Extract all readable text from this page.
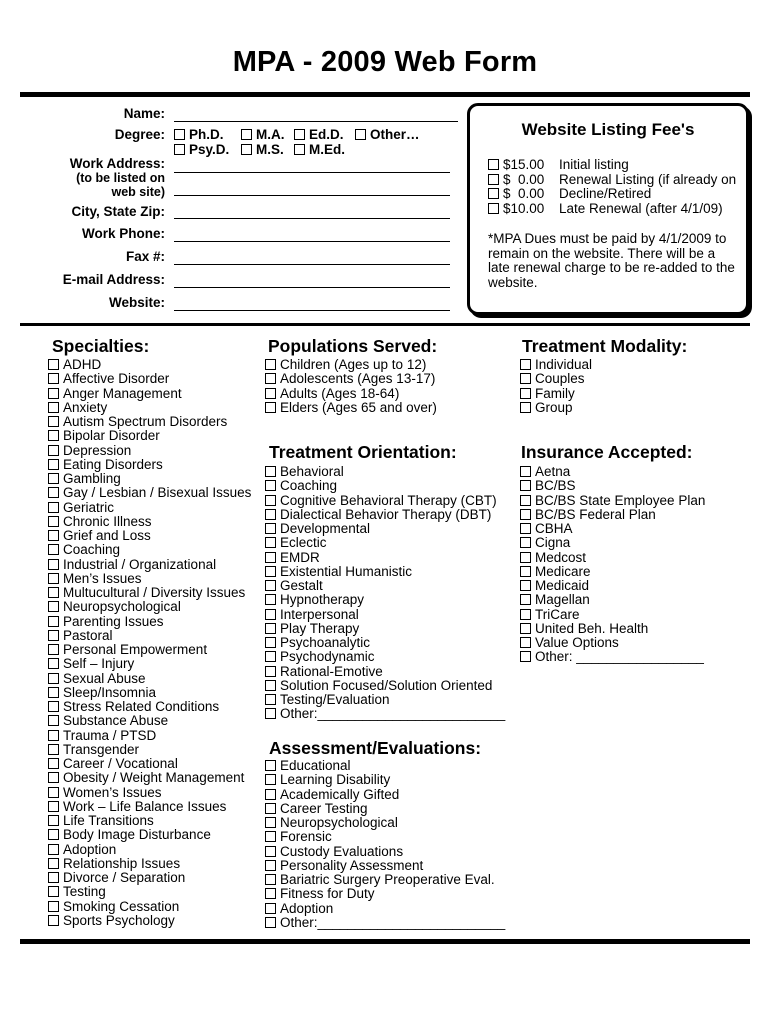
MPA - 2009 Web Form
Name:
Degree:	Ph.D.	M.A.	Ed.D.	Other…
Psy.D.	M.S.	M.Ed.
Work Address:
(to be listed on
web site)
City, State Zip:
Work Phone:
Fax #:
E-mail Address:
Website:
Website Listing Fee's
$15.00 Initial listing
$  0.00 Renewal Listing (if already on
$  0.00 Decline/Retired
$10.00 Late Renewal (after 4/1/09)
*MPA Dues must be paid by 4/1/2009 to remain on the website. There will be a late renewal charge to be re-added to the website.
Specialties:	Populations Served:	Treatment Modality:
Treatment Orientation:	Insurance Accepted:
Assessment/Evaluations:
ADHD
Affective Disorder
Anger Management
Anxiety
Autism Spectrum Disorders
Bipolar Disorder
Depression
Eating Disorders
Gambling
Gay / Lesbian / Bisexual Issues
Geriatric
Chronic Illness
Grief and Loss
Coaching
Industrial / Organizational
Men’s Issues
Multucultural / Diversity Issues
Neuropsychological
Parenting Issues
Pastoral
Personal Empowerment
Self – Injury
Sexual Abuse
Sleep/Insomnia
Stress Related Conditions
Substance Abuse
Trauma / PTSD
Transgender
Career / Vocational
Obesity / Weight Management
Women’s Issues
Work – Life Balance Issues
Life Transitions
Body Image Disturbance
Adoption
Relationship Issues
Divorce / Separation
Testing
Smoking Cessation
Sports Psychology
Children (Ages up to 12)
Adolescents (Ages 13-17)
Adults (Ages 18-64)
Elders (Ages 65 and over)
Individual
Couples
Family
Group
Behavioral
Coaching
Cognitive Behavioral Therapy (CBT)
Dialectical Behavior Therapy (DBT)
Developmental
Eclectic
EMDR
Existential Humanistic
Gestalt
Hypnotherapy
Interpersonal
Play Therapy
Psychoanalytic
Psychodynamic
Rational-Emotive
Solution Focused/Solution Oriented
Testing/Evaluation
Other:_________________________
Aetna
BC/BS
BC/BS State Employee Plan
BC/BS Federal Plan
CBHA
Cigna
Medcost
Medicare
Medicaid
Magellan
TriCare
United Beh. Health
Value Options
Other: _________________
Educational
Learning Disability
Academically Gifted
Career Testing
Neuropsychological
Forensic
Custody Evaluations
Personality Assessment
Bariatric Surgery Preoperative Eval.
Fitness for Duty
Adoption
Other:_________________________
